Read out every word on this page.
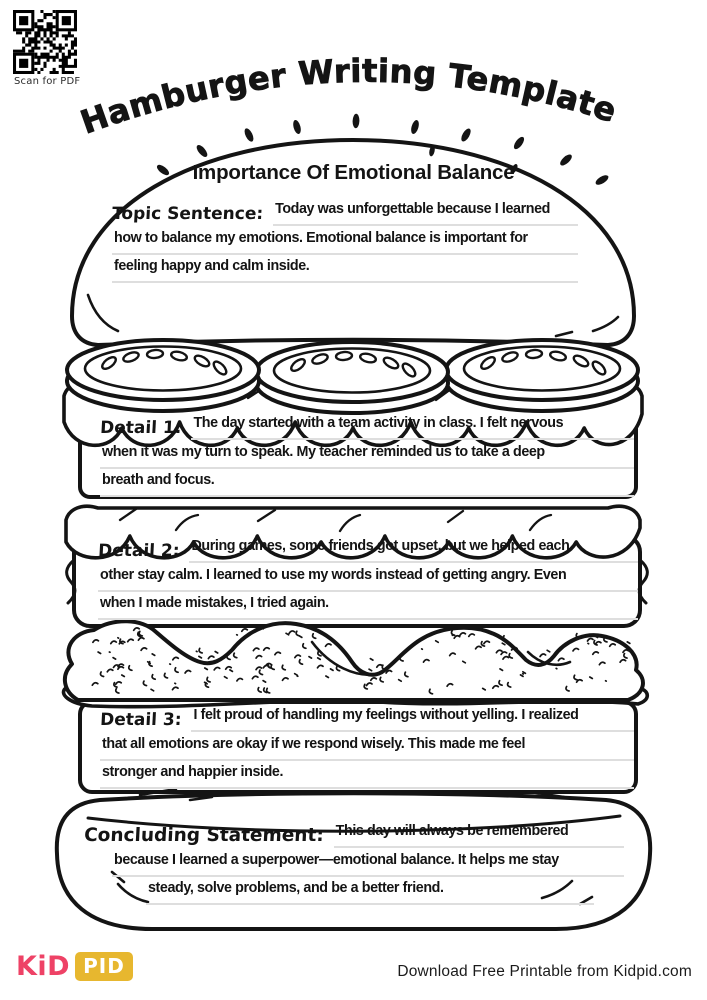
Scan for PDF
Hamburger Writing Template
Importance Of Emotional Balance
Topic Sentence: Today was unforgettable because I learned
how to balance my emotions. Emotional balance is important for
feeling happy and calm inside.
Detail 1: The day started with a team activity in class. I felt nervous
when it was my turn to speak. My teacher reminded us to take a deep
breath and focus.
Detail 2: During games, some friends got upset, but we helped each
other stay calm. I learned to use my words instead of getting angry. Even
when I made mistakes, I tried again.
Detail 3: I felt proud of handling my feelings without yelling. I realized
that all emotions are okay if we respond wisely. This made me feel
stronger and happier inside.
Concluding Statement: This day will always be remembered
because I learned a superpower—emotional balance. It helps me stay
steady, solve problems, and be a better friend.
KiD PID	Download Free Printable from Kidpid.com
